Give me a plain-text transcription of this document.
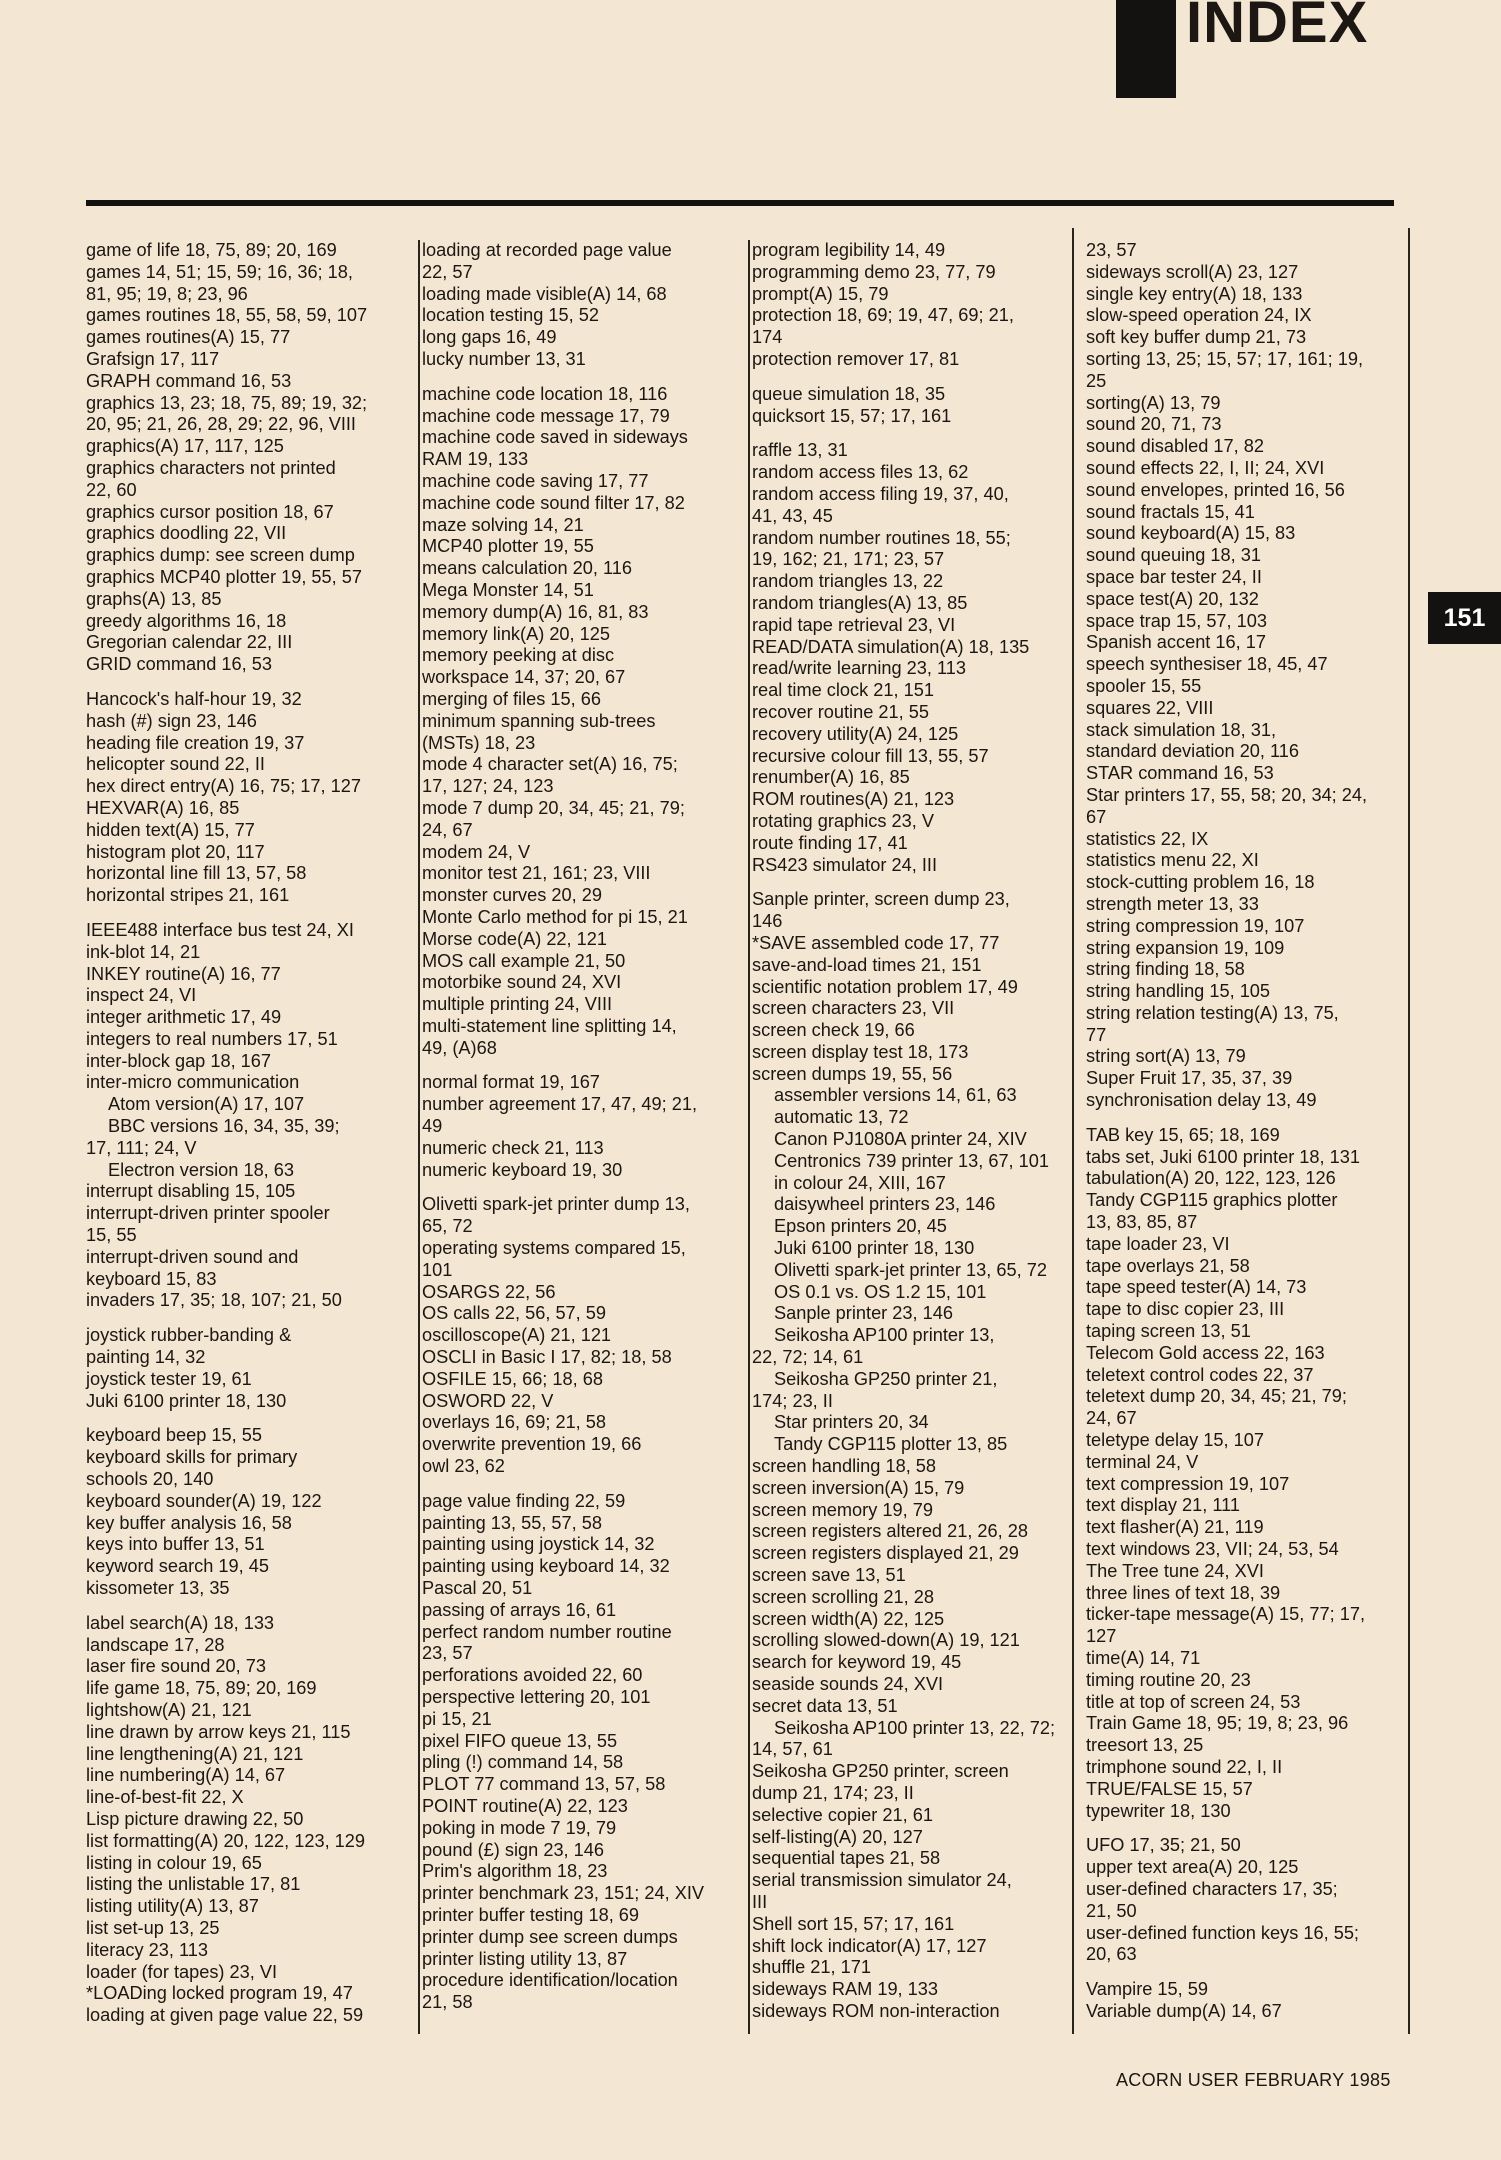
INDEX
game of life 18, 75, 89; 20, 169
games 14, 51; 15, 59; 16, 36; 18,
81, 95; 19, 8; 23, 96
games routines 18, 55, 58, 59, 107
games routines(A) 15, 77
Grafsign 17, 117
GRAPH command 16, 53
graphics 13, 23; 18, 75, 89; 19, 32;
20, 95; 21, 26, 28, 29; 22, 96, VIII
graphics(A) 17, 117, 125
graphics characters not printed
22, 60
graphics cursor position 18, 67
graphics doodling 22, VII
graphics dump: see screen dump
graphics MCP40 plotter 19, 55, 57
graphs(A) 13, 85
greedy algorithms 16, 18
Gregorian calendar 22, III
GRID command 16, 53
Hancock's half-hour 19, 32
hash (#) sign 23, 146
heading file creation 19, 37
helicopter sound 22, II
hex direct entry(A) 16, 75; 17, 127
HEXVAR(A) 16, 85
hidden text(A) 15, 77
histogram plot 20, 117
horizontal line fill 13, 57, 58
horizontal stripes 21, 161
IEEE488 interface bus test 24, XI
ink-blot 14, 21
INKEY routine(A) 16, 77
inspect 24, VI
integer arithmetic 17, 49
integers to real numbers 17, 51
inter-block gap 18, 167
inter-micro communication
Atom version(A) 17, 107
BBC versions 16, 34, 35, 39;
17, 111; 24, V
Electron version 18, 63
interrupt disabling 15, 105
interrupt-driven printer spooler
15, 55
interrupt-driven sound and
keyboard 15, 83
invaders 17, 35; 18, 107; 21, 50
joystick rubber-banding &
painting 14, 32
joystick tester 19, 61
Juki 6100 printer 18, 130
keyboard beep 15, 55
keyboard skills for primary
schools 20, 140
keyboard sounder(A) 19, 122
key buffer analysis 16, 58
keys into buffer 13, 51
keyword search 19, 45
kissometer 13, 35
label search(A) 18, 133
landscape 17, 28
laser fire sound 20, 73
life game 18, 75, 89; 20, 169
lightshow(A) 21, 121
line drawn by arrow keys 21, 115
line lengthening(A) 21, 121
line numbering(A) 14, 67
line-of-best-fit 22, X
Lisp picture drawing 22, 50
list formatting(A) 20, 122, 123, 129
listing in colour 19, 65
listing the unlistable 17, 81
listing utility(A) 13, 87
list set-up 13, 25
literacy 23, 113
loader (for tapes) 23, VI
*LOADing locked program 19, 47
loading at given page value 22, 59
loading at recorded page value
22, 57
loading made visible(A) 14, 68
location testing 15, 52
long gaps 16, 49
lucky number 13, 31
machine code location 18, 116
machine code message 17, 79
machine code saved in sideways
RAM 19, 133
machine code saving 17, 77
machine code sound filter 17, 82
maze solving 14, 21
MCP40 plotter 19, 55
means calculation 20, 116
Mega Monster 14, 51
memory dump(A) 16, 81, 83
memory link(A) 20, 125
memory peeking at disc
workspace 14, 37; 20, 67
merging of files 15, 66
minimum spanning sub-trees
(MSTs) 18, 23
mode 4 character set(A) 16, 75;
17, 127; 24, 123
mode 7 dump 20, 34, 45; 21, 79;
24, 67
modem 24, V
monitor test 21, 161; 23, VIII
monster curves 20, 29
Monte Carlo method for pi 15, 21
Morse code(A) 22, 121
MOS call example 21, 50
motorbike sound 24, XVI
multiple printing 24, VIII
multi-statement line splitting 14,
49, (A)68
normal format 19, 167
number agreement 17, 47, 49; 21,
49
numeric check 21, 113
numeric keyboard 19, 30
Olivetti spark-jet printer dump 13,
65, 72
operating systems compared 15,
101
OSARGS 22, 56
OS calls 22, 56, 57, 59
oscilloscope(A) 21, 121
OSCLI in Basic I 17, 82; 18, 58
OSFILE 15, 66; 18, 68
OSWORD 22, V
overlays 16, 69; 21, 58
overwrite prevention 19, 66
owl 23, 62
page value finding 22, 59
painting 13, 55, 57, 58
painting using joystick 14, 32
painting using keyboard 14, 32
Pascal 20, 51
passing of arrays 16, 61
perfect random number routine
23, 57
perforations avoided 22, 60
perspective lettering 20, 101
pi 15, 21
pixel FIFO queue 13, 55
pling (!) command 14, 58
PLOT 77 command 13, 57, 58
POINT routine(A) 22, 123
poking in mode 7 19, 79
pound (£) sign 23, 146
Prim's algorithm 18, 23
printer benchmark 23, 151; 24, XIV
printer buffer testing 18, 69
printer dump see screen dumps
printer listing utility 13, 87
procedure identification/location
21, 58
program legibility 14, 49
programming demo 23, 77, 79
prompt(A) 15, 79
protection 18, 69; 19, 47, 69; 21,
174
protection remover 17, 81
queue simulation 18, 35
quicksort 15, 57; 17, 161
raffle 13, 31
random access files 13, 62
random access filing 19, 37, 40,
41, 43, 45
random number routines 18, 55;
19, 162; 21, 171; 23, 57
random triangles 13, 22
random triangles(A) 13, 85
rapid tape retrieval 23, VI
READ/DATA simulation(A) 18, 135
read/write learning 23, 113
real time clock 21, 151
recover routine 21, 55
recovery utility(A) 24, 125
recursive colour fill 13, 55, 57
renumber(A) 16, 85
ROM routines(A) 21, 123
rotating graphics 23, V
route finding 17, 41
RS423 simulator 24, III
Sanple printer, screen dump 23,
146
*SAVE assembled code 17, 77
save-and-load times 21, 151
scientific notation problem 17, 49
screen characters 23, VII
screen check 19, 66
screen display test 18, 173
screen dumps 19, 55, 56
assembler versions 14, 61, 63
automatic 13, 72
Canon PJ1080A printer 24, XIV
Centronics 739 printer 13, 67, 101
in colour 24, XIII, 167
daisywheel printers 23, 146
Epson printers 20, 45
Juki 6100 printer 18, 130
Olivetti spark-jet printer 13, 65, 72
OS 0.1 vs. OS 1.2 15, 101
Sanple printer 23, 146
Seikosha AP100 printer 13,
22, 72; 14, 61
Seikosha GP250 printer 21,
174; 23, II
Star printers 20, 34
Tandy CGP115 plotter 13, 85
screen handling 18, 58
screen inversion(A) 15, 79
screen memory 19, 79
screen registers altered 21, 26, 28
screen registers displayed 21, 29
screen save 13, 51
screen scrolling 21, 28
screen width(A) 22, 125
scrolling slowed-down(A) 19, 121
search for keyword 19, 45
seaside sounds 24, XVI
secret data 13, 51
Seikosha AP100 printer 13, 22, 72;
14, 57, 61
Seikosha GP250 printer, screen
dump 21, 174; 23, II
selective copier 21, 61
self-listing(A) 20, 127
sequential tapes 21, 58
serial transmission simulator 24,
III
Shell sort 15, 57; 17, 161
shift lock indicator(A) 17, 127
shuffle 21, 171
sideways RAM 19, 133
sideways ROM non-interaction
23, 57
sideways scroll(A) 23, 127
single key entry(A) 18, 133
slow-speed operation 24, IX
soft key buffer dump 21, 73
sorting 13, 25; 15, 57; 17, 161; 19,
25
sorting(A) 13, 79
sound 20, 71, 73
sound disabled 17, 82
sound effects 22, I, II; 24, XVI
sound envelopes, printed 16, 56
sound fractals 15, 41
sound keyboard(A) 15, 83
sound queuing 18, 31
space bar tester 24, II
space test(A) 20, 132
space trap 15, 57, 103
Spanish accent 16, 17
speech synthesiser 18, 45, 47
spooler 15, 55
squares 22, VIII
stack simulation 18, 31,
standard deviation 20, 116
STAR command 16, 53
Star printers 17, 55, 58; 20, 34; 24,
67
statistics 22, IX
statistics menu 22, XI
stock-cutting problem 16, 18
strength meter 13, 33
string compression 19, 107
string expansion 19, 109
string finding 18, 58
string handling 15, 105
string relation testing(A) 13, 75,
77
string sort(A) 13, 79
Super Fruit 17, 35, 37, 39
synchronisation delay 13, 49
TAB key 15, 65; 18, 169
tabs set, Juki 6100 printer 18, 131
tabulation(A) 20, 122, 123, 126
Tandy CGP115 graphics plotter
13, 83, 85, 87
tape loader 23, VI
tape overlays 21, 58
tape speed tester(A) 14, 73
tape to disc copier 23, III
taping screen 13, 51
Telecom Gold access 22, 163
teletext control codes 22, 37
teletext dump 20, 34, 45; 21, 79;
24, 67
teletype delay 15, 107
terminal 24, V
text compression 19, 107
text display 21, 111
text flasher(A) 21, 119
text windows 23, VII; 24, 53, 54
The Tree tune 24, XVI
three lines of text 18, 39
ticker-tape message(A) 15, 77; 17,
127
time(A) 14, 71
timing routine 20, 23
title at top of screen 24, 53
Train Game 18, 95; 19, 8; 23, 96
treesort 13, 25
trimphone sound 22, I, II
TRUE/FALSE 15, 57
typewriter 18, 130
UFO 17, 35; 21, 50
upper text area(A) 20, 125
user-defined characters 17, 35;
21, 50
user-defined function keys 16, 55;
20, 63
Vampire 15, 59
Variable dump(A) 14, 67
151
ACORN USER FEBRUARY 1985
